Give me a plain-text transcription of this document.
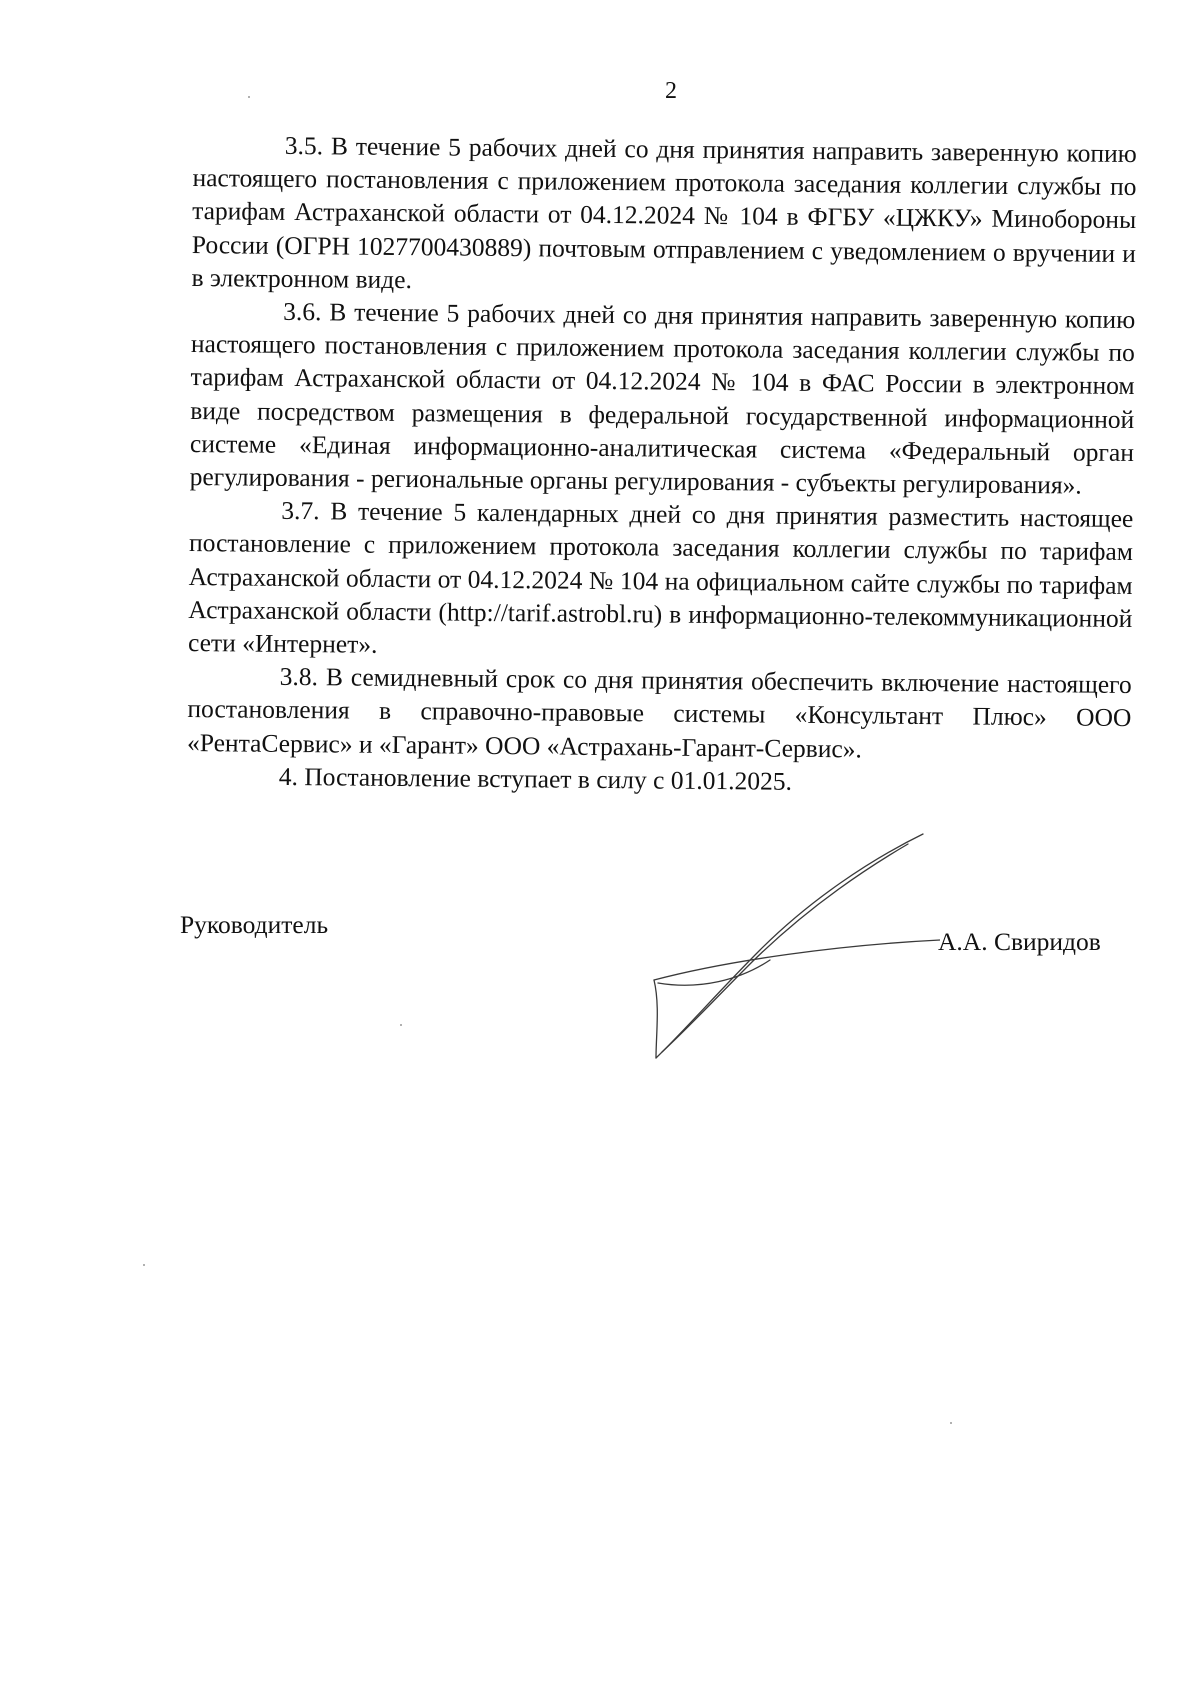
2

3.5. В течение 5 рабочих дней со дня принятия направить заверенную копию настоящего постановления с приложением протокола заседания коллегии службы по тарифам Астраханской области от 04.12.2024 № 104 в ФГБУ «ЦЖКУ» Минобороны России (ОГРН 1027700430889) почтовым отправлением с уведомлением о вручении и в электронном виде.

3.6. В течение 5 рабочих дней со дня принятия направить заверенную копию настоящего постановления с приложением протокола заседания коллегии службы по тарифам Астраханской области от 04.12.2024 № 104 в ФАС России в электронном виде посредством размещения в федеральной государственной информационной системе «Единая информационно-аналитическая система «Федеральный орган регулирования - региональные органы регулирования - субъекты регулирования».

3.7. В течение 5 календарных дней со дня принятия разместить настоящее постановление с приложением протокола заседания коллегии службы по тарифам Астраханской области от 04.12.2024 № 104 на официальном сайте службы по тарифам Астраханской области (http://tarif.astrobl.ru) в информационно-телекоммуникационной сети «Интернет».

3.8. В семидневный срок со дня принятия обеспечить включение настоящего постановления в справочно-правовые системы «Консультант Плюс» ООО «РентаСервис» и «Гарант» ООО «Астрахань-Гарант-Сервис».

4. Постановление вступает в силу с 01.01.2025.

Руководитель
А.А. Свиридов
